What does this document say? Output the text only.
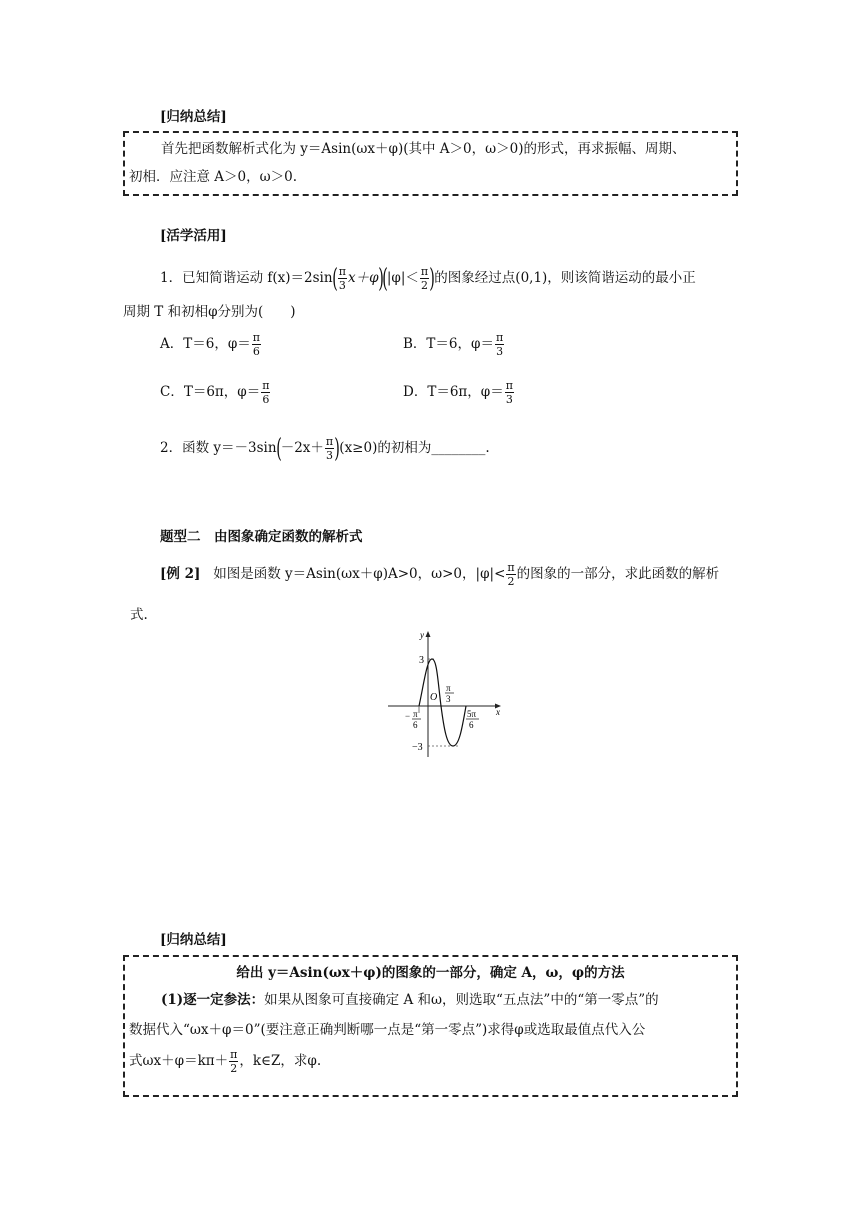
[归纳总结]
首先把函数解析式化为 y＝Asin(ωx＋φ)(其中 A＞0，ω＞0)的形式，再求振幅、周期、
初相．应注意 A＞0，ω＞0.
[活学活用]
1．已知简谐运动 $f(x)=2\sin( \frac{\pi}{3} x+\varphi)(|\varphi|< \frac{\pi}{2}$ )的图象经过点(0,1)，则该简谐运动的最小正
周期 T 和初相φ分别为(　　)
A．T＝6，$\varphi= \frac{\pi}{6}$	B．T＝6，$\varphi= \frac{\pi}{3}$
C．T＝6π，$\varphi= \frac{\pi}{6}$	D．T＝6π，$\varphi= \frac{\pi}{3}$
2．函数 $y=-3\sin(-2x+ \frac{\pi}{3} )(x\ge 0)$的初相为________.
题型二　由图象确定函数的解析式
[例 2] 如图是函数 y＝Asin(ωx＋φ)A>0，ω>0，$|\varphi|< \frac{\pi}{2}$ 的图象的一部分，求此函数的解析
式.
y
x
O
3
−3
− π
6
π
3
5π
6
[归纳总结]
给出 y＝Asin(ωx＋φ)的图象的一部分，确定 A，ω，φ的方法
(1)逐一定参法：如果从图象可直接确定 A 和ω，则选取“五点法”中的“第一零点”的
数据代入“ωx＋φ＝0”(要注意正确判断哪一点是“第一零点”)求得φ或选取最值点代入公
式$\omega x+\varphi=k\pi+ \frac{\pi}{2}$ ，k∈Z，求φ.
